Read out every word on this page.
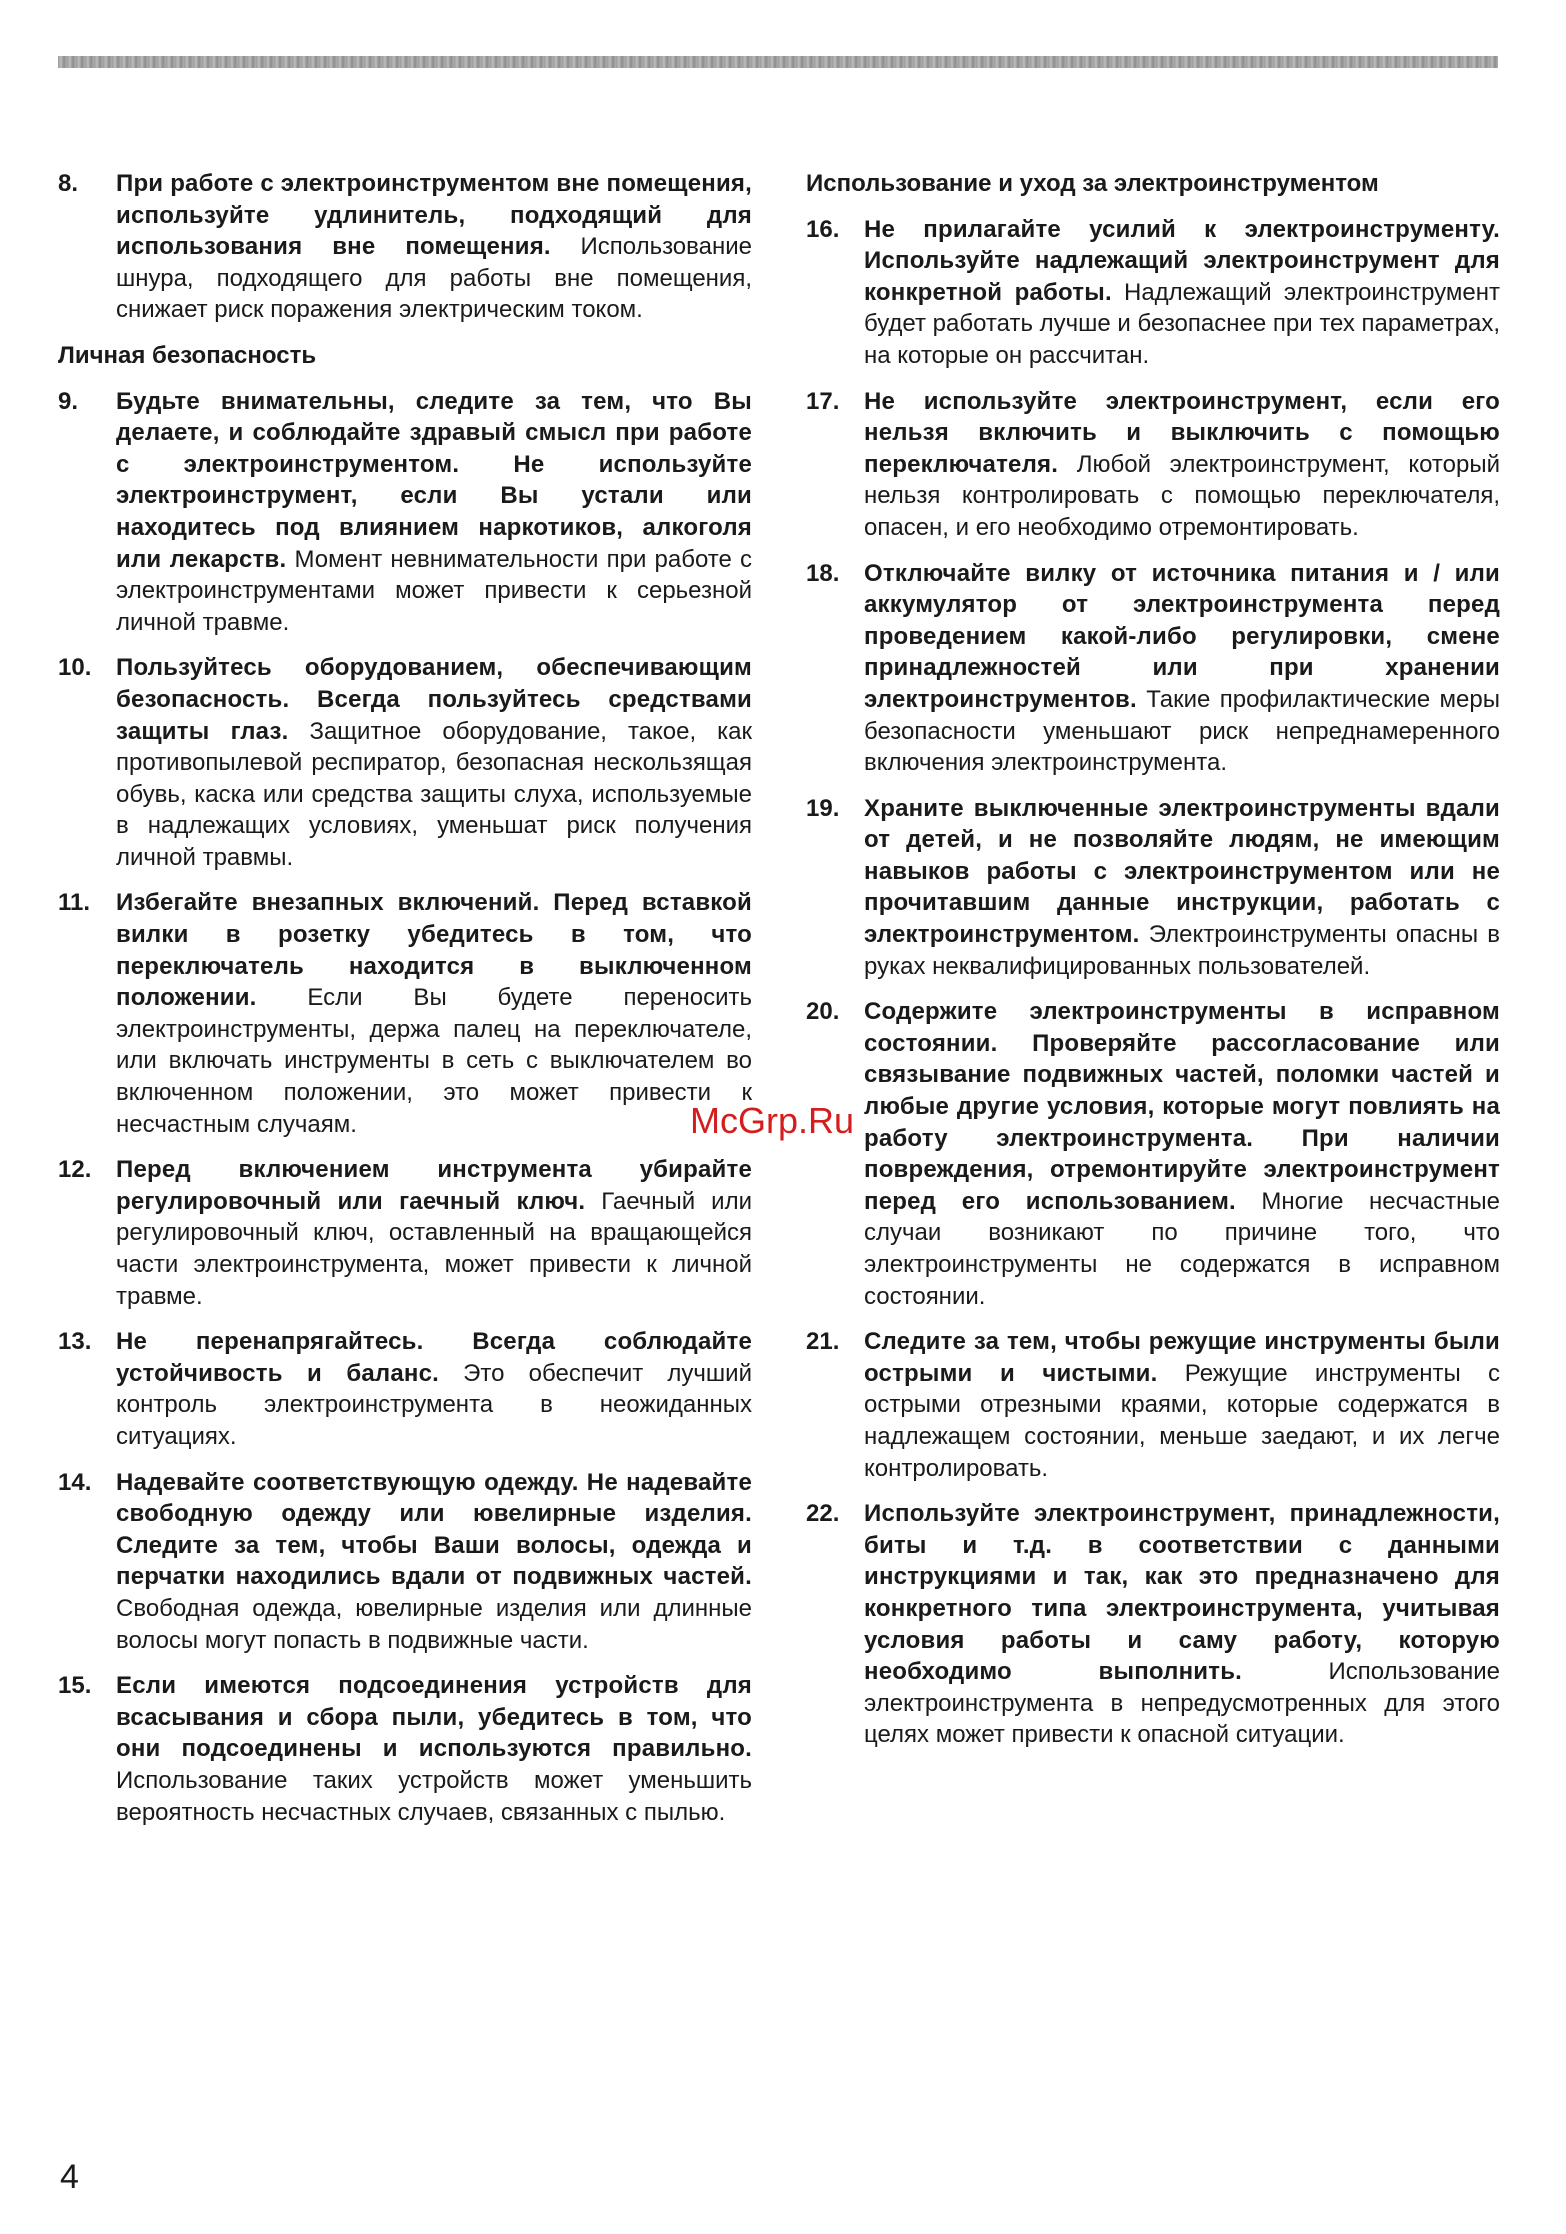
8. При работе с электроинструментом вне помещения, используйте удлинитель, подходящий для использования вне помещения. Использование шнура, подходящего для работы вне помещения, снижает риск поражения электрическим током.
Личная безопасность
9. Будьте внимательны, следите за тем, что Вы делаете, и соблюдайте здравый смысл при работе с электроинструментом. Не используйте электроинструмент, если Вы устали или находитесь под влиянием наркотиков, алкоголя или лекарств. Момент невнимательности при работе с электроинструментами может привести к серьезной личной травме.
10. Пользуйтесь оборудованием, обеспечивающим безопасность. Всегда пользуйтесь средствами защиты глаз. Защитное оборудование, такое, как противопылевой респиратор, безопасная нескользящая обувь, каска или средства защиты слуха, используемые в надлежащих условиях, уменьшат риск получения личной травмы.
11. Избегайте внезапных включений. Перед вставкой вилки в розетку убедитесь в том, что переключатель находится в выключенном положении. Если Вы будете переносить электроинструменты, держа палец на переключателе, или включать инструменты в сеть с выключателем во включенном положении, это может привести к несчастным случаям.
12. Перед включением инструмента убирайте регулировочный или гаечный ключ. Гаечный или регулировочный ключ, оставленный на вращающейся части электроинструмента, может привести к личной травме.
13. Не перенапрягайтесь. Всегда соблюдайте устойчивость и баланс. Это обеспечит лучший контроль электроинструмента в неожиданных ситуациях.
14. Надевайте соответствующую одежду. Не надевайте свободную одежду или ювелирные изделия. Следите за тем, чтобы Ваши волосы, одежда и перчатки находились вдали от подвижных частей. Свободная одежда, ювелирные изделия или длинные волосы могут попасть в подвижные части.
15. Если имеются подсоединения устройств для всасывания и сбора пыли, убедитесь в том, что они подсоединены и используются правильно. Использование таких устройств может уменьшить вероятность несчастных случаев, связанных с пылью.
Использование и уход за электроинструментом
16. Не прилагайте усилий к электроинструменту. Используйте надлежащий электроинструмент для конкретной работы. Надлежащий электроинструмент будет работать лучше и безопаснее при тех параметрах, на которые он рассчитан.
17. Не используйте электроинструмент, если его нельзя включить и выключить с помощью переключателя. Любой электроинструмент, который нельзя контролировать с помощью переключателя, опасен, и его необходимо отремонтировать.
18. Отключайте вилку от источника питания и / или аккумулятор от электроинструмента перед проведением какой-либо регулировки, смене принадлежностей или при хранении электроинструментов. Такие профилактические меры безопасности уменьшают риск непреднамеренного включения электроинструмента.
19. Храните выключенные электроинструменты вдали от детей, и не позволяйте людям, не имеющим навыков работы с электроинструментом или не прочитавшим данные инструкции, работать с электроинструментом. Электроинструменты опасны в руках неквалифицированных пользователей.
20. Содержите электроинструменты в исправном состоянии. Проверяйте рассогласование или связывание подвижных частей, поломки частей и любые другие условия, которые могут повлиять на работу электроинструмента. При наличии повреждения, отремонтируйте электроинструмент перед его использованием. Многие несчастные случаи возникают по причине того, что электроинструменты не содержатся в исправном состоянии.
21. Следите за тем, чтобы режущие инструменты были острыми и чистыми. Режущие инструменты с острыми отрезными краями, которые содержатся в надлежащем состоянии, меньше заедают, и их легче контролировать.
22. Используйте электроинструмент, принадлежности, биты и т.д. в соответствии с данными инструкциями и так, как это предназначено для конкретного типа электроинструмента, учитывая условия работы и саму работу, которую необходимо выполнить. Использование электроинструмента в непредусмотренных для этого целях может привести к опасной ситуации.
McGrp.Ru
4
